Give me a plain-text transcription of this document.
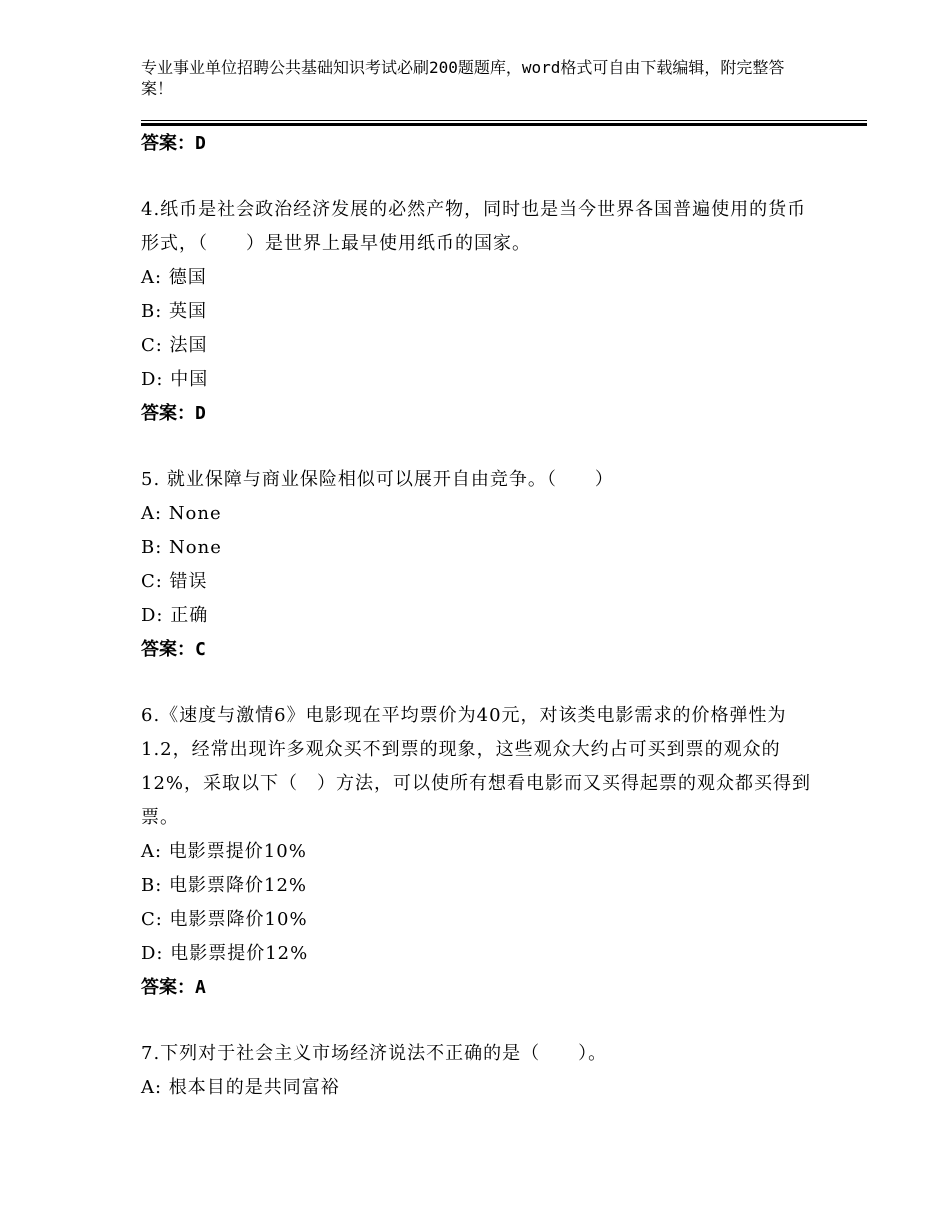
专业事业单位招聘公共基础知识考试必刷200题题库，word格式可自由下载编辑，附完整答案！
答案：D
4.纸币是社会政治经济发展的必然产物，同时也是当今世界各国普遍使用的货币形式，（　　）是世界上最早使用纸币的国家。
A: 德国
B: 英国
C: 法国
D: 中国
答案：D
5. 就业保障与商业保险相似可以展开自由竞争。（　　）
A: None
B: None
C: 错误
D: 正确
答案：C
6.《速度与激情6》电影现在平均票价为40元，对该类电影需求的价格弹性为1.2，经常出现许多观众买不到票的现象，这些观众大约占可买到票的观众的12%，采取以下（　）方法，可以使所有想看电影而又买得起票的观众都买得到票。
A: 电影票提价10%
B: 电影票降价12%
C: 电影票降价10%
D: 电影票提价12%
答案：A
7.下列对于社会主义市场经济说法不正确的是（　　）。
A: 根本目的是共同富裕
